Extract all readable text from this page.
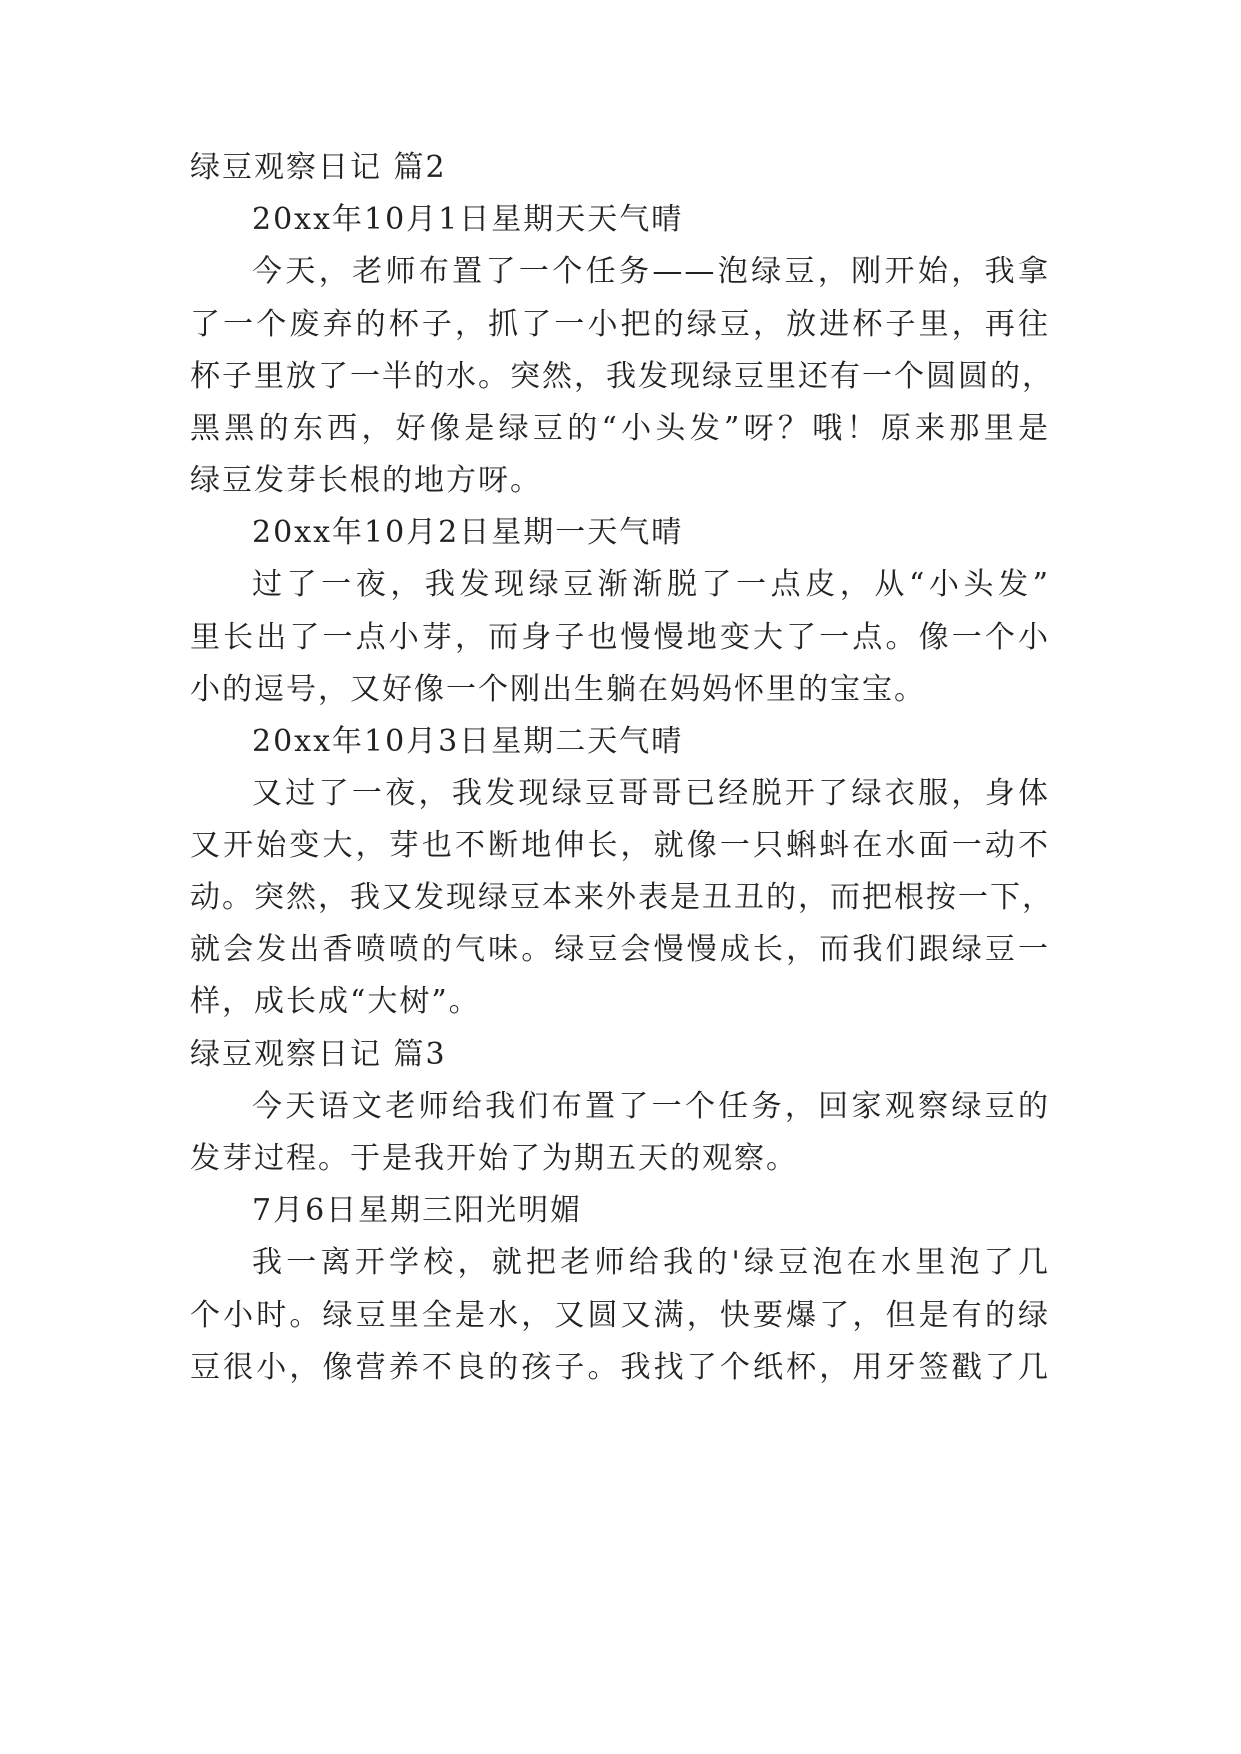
绿豆观察日记 篇2
20xx年10月1日星期天天气晴
今天，老师布置了一个任务——泡绿豆，刚开始，我拿
了一个废弃的杯子，抓了一小把的绿豆，放进杯子里，再往
杯子里放了一半的水。突然，我发现绿豆里还有一个圆圆的，
黑黑的东西，好像是绿豆的“小头发”呀？哦！原来那里是
绿豆发芽长根的地方呀。
20xx年10月2日星期一天气晴
过了一夜，我发现绿豆渐渐脱了一点皮，从“小头发”
里长出了一点小芽，而身子也慢慢地变大了一点。像一个小
小的逗号，又好像一个刚出生躺在妈妈怀里的宝宝。
20xx年10月3日星期二天气晴
又过了一夜，我发现绿豆哥哥已经脱开了绿衣服，身体
又开始变大，芽也不断地伸长，就像一只蝌蚪在水面一动不
动。突然，我又发现绿豆本来外表是丑丑的，而把根按一下，
就会发出香喷喷的气味。绿豆会慢慢成长，而我们跟绿豆一
样，成长成“大树”。
绿豆观察日记 篇3
今天语文老师给我们布置了一个任务，回家观察绿豆的
发芽过程。于是我开始了为期五天的观察。
7月6日星期三阳光明媚
我一离开学校，就把老师给我的'绿豆泡在水里泡了几
个小时。绿豆里全是水，又圆又满，快要爆了，但是有的绿
豆很小，像营养不良的孩子。我找了个纸杯，用牙签戳了几
